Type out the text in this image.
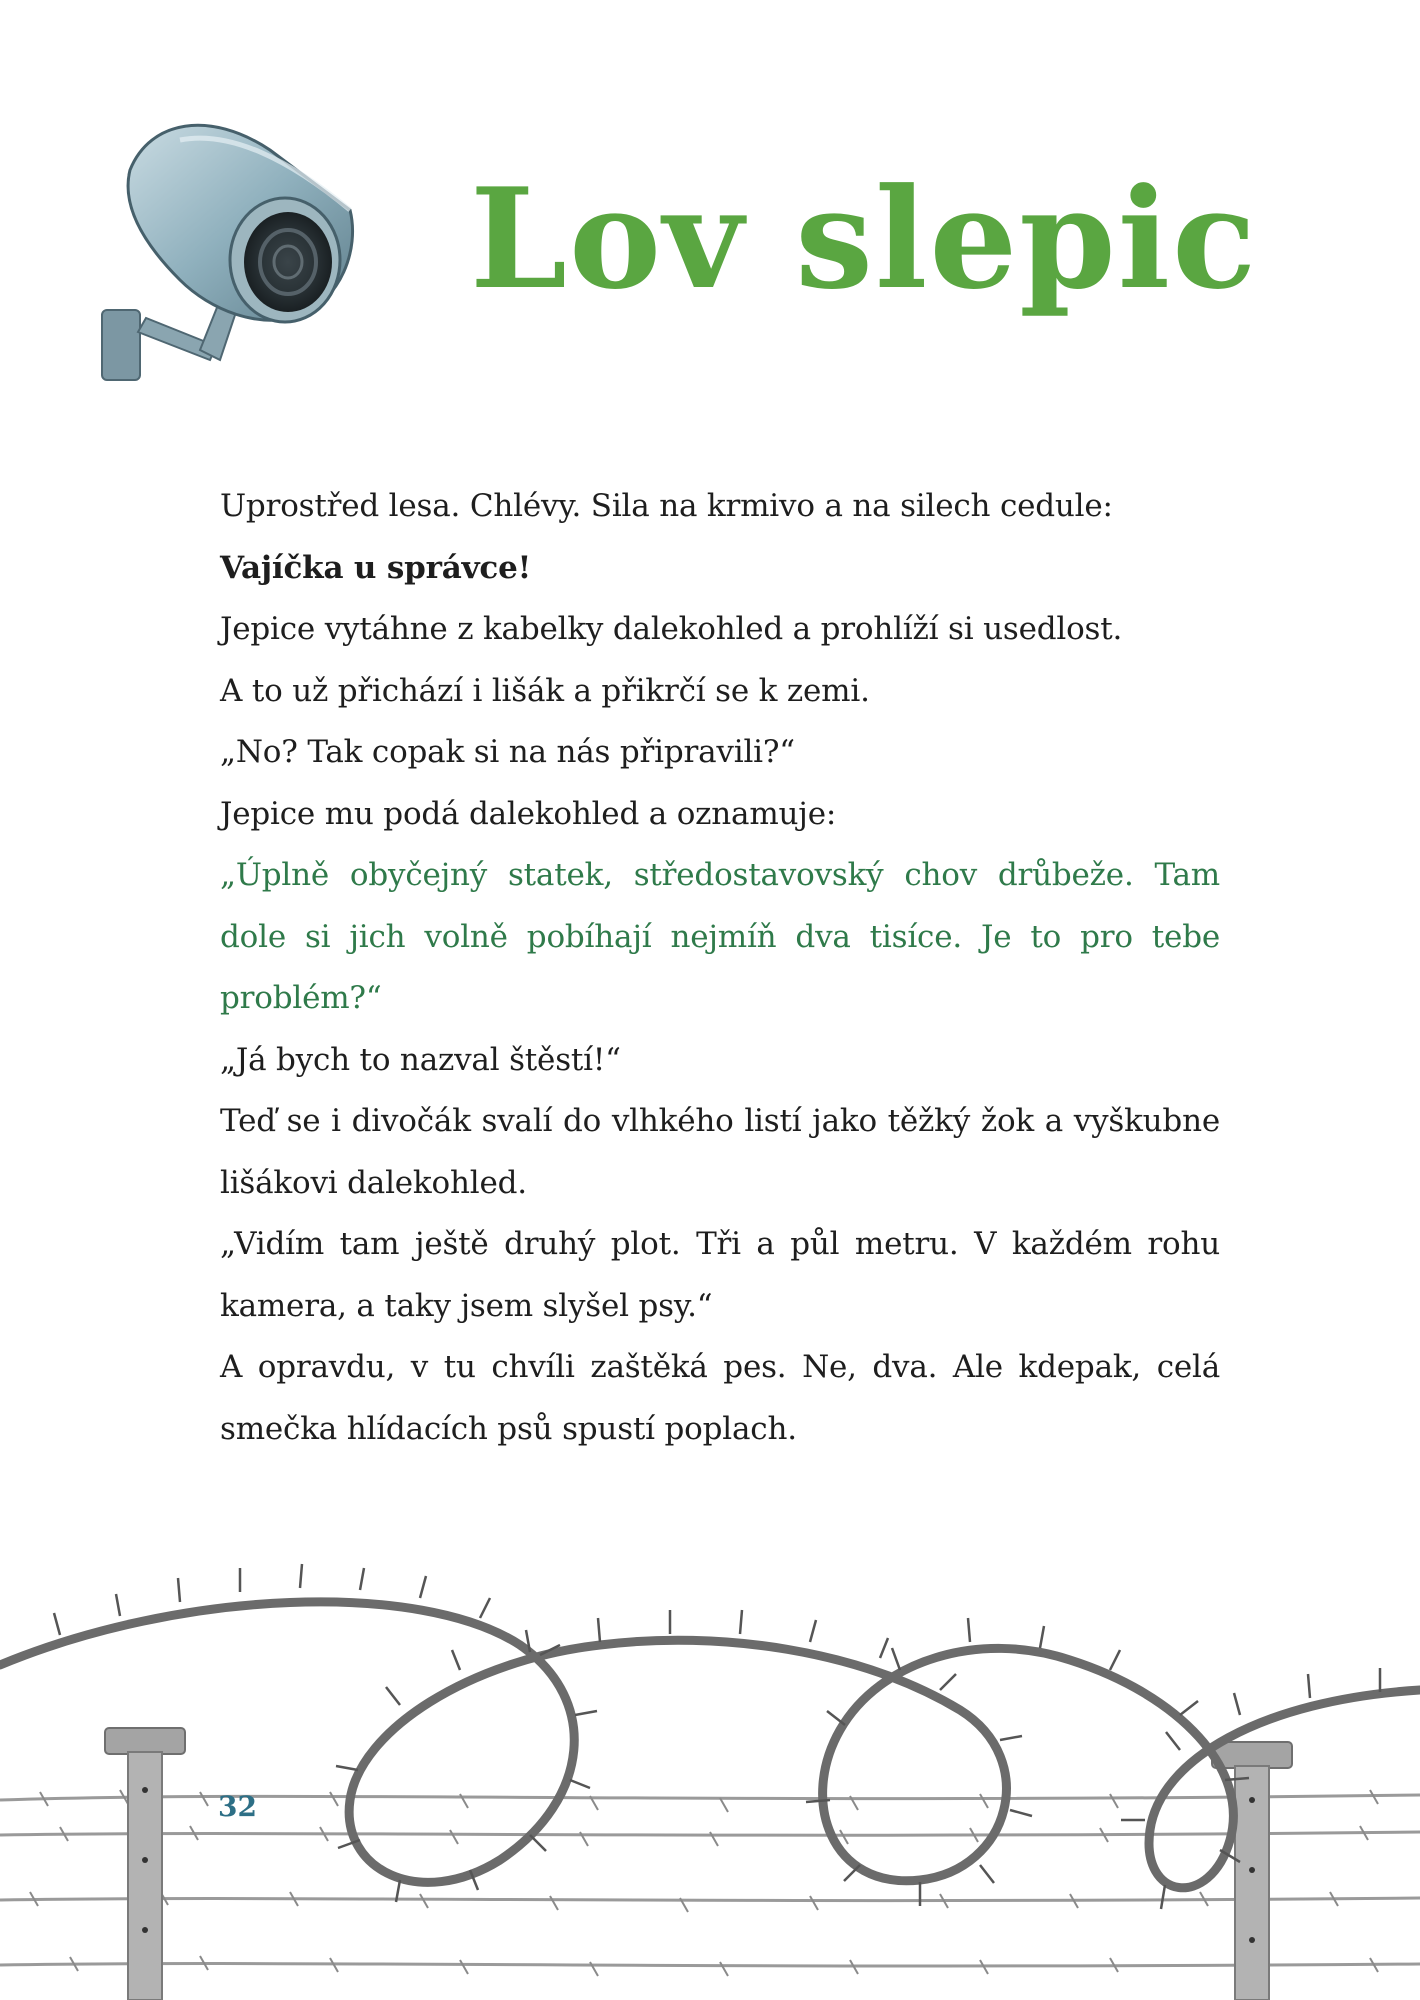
Lov slepic

Uprostřed lesa. Chlévy. Sila na krmivo a na silech cedule:

Vajíčka u správce!

Jepice vytáhne z kabelky dalekohled a prohlíží si usedlost.

A to už přichází i lišák a přikrčí se k zemi.

„No? Tak copak si na nás připravili?“

Jepice mu podá dalekohled a oznamuje:

„Úplně obyčejný statek, středostavovský chov drůbeže. Tam dole si jich volně pobíhají nejmíň dva tisíce. Je to pro tebe problém?“

„Já bych to nazval štěstí!“

Teď se i divočák svalí do vlhkého listí jako těžký žok a vyškubne lišákovi dalekohled.

„Vidím tam ještě druhý plot. Tři a půl metru. V každém rohu kamera, a taky jsem slyšel psy.“

A opravdu, v tu chvíli zaštěká pes. Ne, dva. Ale kdepak, celá smečka hlídacích psů spustí poplach.

32
